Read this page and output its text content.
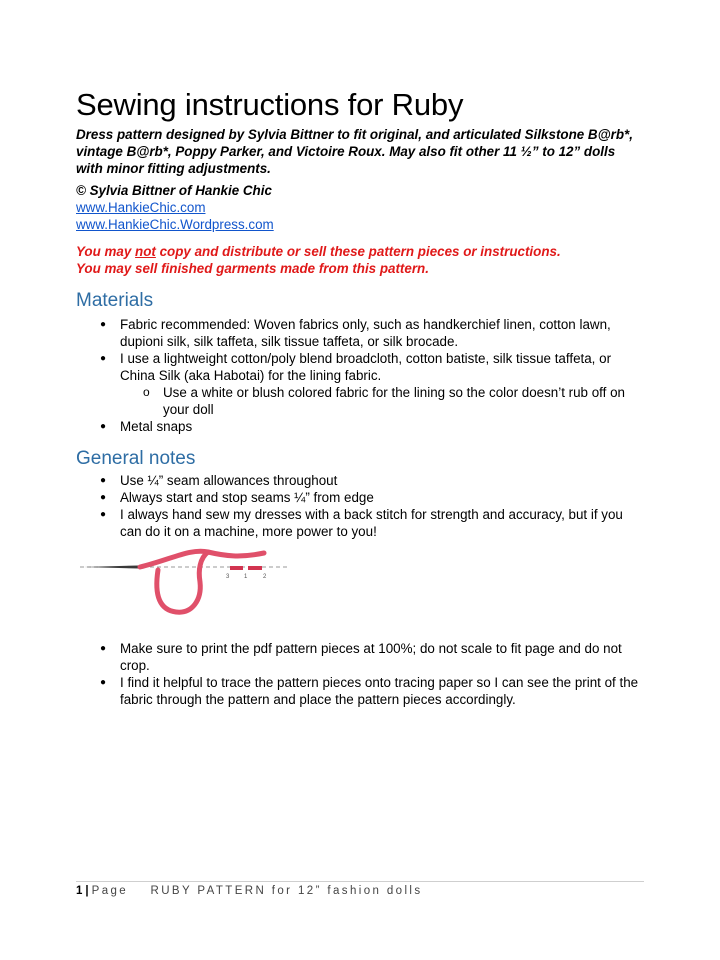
Sewing instructions for Ruby

Dress pattern designed by Sylvia Bittner to fit original, and articulated Silkstone B@rb*, vintage B@rb*, Poppy Parker, and Victoire Roux. May also fit other 11 ½” to 12” dolls with minor fitting adjustments.

© Sylvia Bittner of Hankie Chic

www.HankieChic.com
www.HankieChic.Wordpress.com

You may not copy and distribute or sell these pattern pieces or instructions.
You may sell finished garments made from this pattern.

Materials
● Fabric recommended: Woven fabrics only, such as handkerchief linen, cotton lawn, dupioni silk, silk taffeta, silk tissue taffeta, or silk brocade.
● I use a lightweight cotton/poly blend broadcloth, cotton batiste, silk tissue taffeta, or China Silk (aka Habotai) for the lining fabric.
o Use a white or blush colored fabric for the lining so the color doesn’t rub off on your doll
● Metal snaps
General notes
● Use ¼” seam allowances throughout
● Always start and stop seams ¼” from edge
● I always hand sew my dresses with a back stitch for strength and accuracy, but if you can do it on a machine, more power to you!
3 1	2
● Make sure to print the pdf pattern pieces at 100%; do not scale to fit page and do not crop.
● I find it helpful to trace the pattern pieces onto tracing paper so I can see the print of the fabric through the pattern and place the pattern pieces accordingly.

1 | Page RUBY PATTERN for 12” fashion dolls
